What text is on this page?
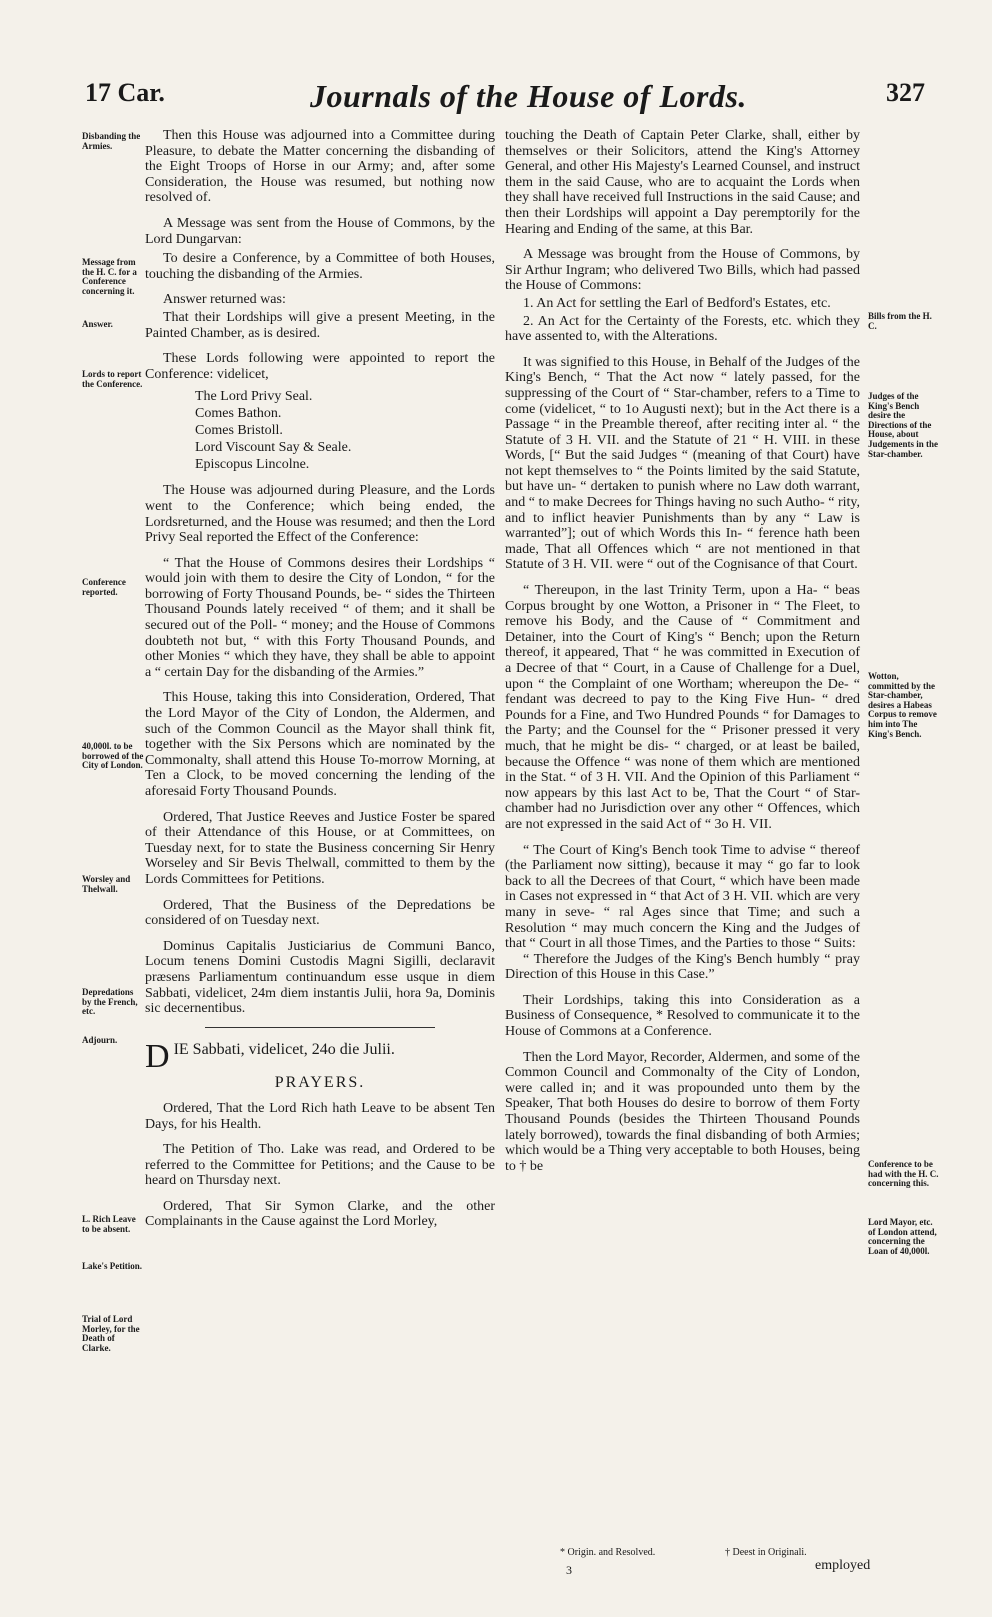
17 Car.	Journals of the House of Lords.	327
Disbanding the Armies.
Message from the H. C. for a Conference concerning it.
Answer.
Lords to report the Conference.
Conference reported.
40,000l. to be borrowed of the City of London.
Worsley and Thelwall.
Depredations by the French, etc.
Adjourn.
L. Rich Leave to be absent.
Lake's Petition.
Trial of Lord Morley, for the Death of Clarke.
Bills from the H. C.
Judges of the King's Bench desire the Directions of the House, about Judgements in the Star-chamber.
Wotton, committed by the Star-chamber, desires a Habeas Corpus to remove him into The King's Bench.
Conference to be had with the H. C. concerning this.
Lord Mayor, etc. of London attend, concerning the Loan of 40,000l.

Then this House was adjourned into a Committee during Pleasure, to debate the Matter concerning the disbanding of the Eight Troops of Horse in our Army; and, after some Consideration, the House was resumed, but nothing now resolved of.

A Message was sent from the House of Commons, by the Lord Dungarvan:

To desire a Conference, by a Committee of both Houses, touching the disbanding of the Armies.

Answer returned was:

That their Lordships will give a present Meeting, in the Painted Chamber, as is desired.

These Lords following were appointed to report the Conference: videlicet,

The Lord Privy Seal.
Comes Bathon.
Comes Bristoll.
Lord Viscount Say & Seale.
Episcopus Lincolne.

The House was adjourned during Pleasure, and the Lords went to the Conference; which being ended, the Lordsreturned, and the House was resumed; and then the Lord Privy Seal reported the Effect of the Conference:

“ That the House of Commons desires their Lordships “ would join with them to desire the City of London, “ for the borrowing of Forty Thousand Pounds, be- “ sides the Thirteen Thousand Pounds lately received “ of them; and it shall be secured out of the Poll- “ money; and the House of Commons doubteth not but, “ with this Forty Thousand Pounds, and other Monies “ which they have, they shall be able to appoint a “ certain Day for the disbanding of the Armies.”

This House, taking this into Consideration, Ordered, That the Lord Mayor of the City of London, the Aldermen, and such of the Common Council as the Mayor shall think fit, together with the Six Persons which are nominated by the Commonalty, shall attend this House To-morrow Morning, at Ten a Clock, to be moved concerning the lending of the aforesaid Forty Thousand Pounds.

Ordered, That Justice Reeves and Justice Foster be spared of their Attendance of this House, or at Committees, on Tuesday next, for to state the Business concerning Sir Henry Worseley and Sir Bevis Thelwall, committed to them by the Lords Committees for Petitions.

Ordered, That the Business of the Depredations be considered of on Tuesday next.

Dominus Capitalis Justiciarius de Communi Banco, Locum tenens Domini Custodis Magni Sigilli, declaravit præsens Parliamentum continuandum esse usque in diem Sabbati, videlicet, 24m diem instantis Julii, hora 9a, Dominis sic decernentibus.

DIE Sabbati, videlicet, 24o die Julii.
PRAYERS.

Ordered, That the Lord Rich hath Leave to be absent Ten Days, for his Health.

The Petition of Tho. Lake was read, and Ordered to be referred to the Committee for Petitions; and the Cause to be heard on Thursday next.

Ordered, That Sir Symon Clarke, and the other Complainants in the Cause against the Lord Morley,

touching the Death of Captain Peter Clarke, shall, either by themselves or their Solicitors, attend the King's Attorney General, and other His Majesty's Learned Counsel, and instruct them in the said Cause, who are to acquaint the Lords when they shall have received full Instructions in the said Cause; and then their Lordships will appoint a Day peremptorily for the Hearing and Ending of the same, at this Bar.

A Message was brought from the House of Commons, by Sir Arthur Ingram; who delivered Two Bills, which had passed the House of Commons:

1. An Act for settling the Earl of Bedford's Estates, etc.

2. An Act for the Certainty of the Forests, etc. which they have assented to, with the Alterations.

It was signified to this House, in Behalf of the Judges of the King's Bench, “ That the Act now “ lately passed, for the suppressing of the Court of “ Star-chamber, refers to a Time to come (videlicet, “ to 1o Augusti next); but in the Act there is a Passage “ in the Preamble thereof, after reciting inter al. “ the Statute of 3 H. VII. and the Statute of 21 “ H. VIII. in these Words, [“ But the said Judges “ (meaning of that Court) have not kept themselves to “ the Points limited by the said Statute, but have un- “ dertaken to punish where no Law doth warrant, and “ to make Decrees for Things having no such Autho- “ rity, and to inflict heavier Punishments than by any “ Law is warranted”]; out of which Words this In- “ ference hath been made, That all Offences which “ are not mentioned in that Statute of 3 H. VII. were “ out of the Cognisance of that Court.

“ Thereupon, in the last Trinity Term, upon a Ha- “ beas Corpus brought by one Wotton, a Prisoner in “ The Fleet, to remove his Body, and the Cause of “ Commitment and Detainer, into the Court of King's “ Bench; upon the Return thereof, it appeared, That “ he was committed in Execution of a Decree of that “ Court, in a Cause of Challenge for a Duel, upon “ the Complaint of one Wortham; whereupon the De- “ fendant was decreed to pay to the King Five Hun- “ dred Pounds for a Fine, and Two Hundred Pounds “ for Damages to the Party; and the Counsel for the “ Prisoner pressed it very much, that he might be dis- “ charged, or at least be bailed, because the Offence “ was none of them which are mentioned in the Stat. “ of 3 H. VII. And the Opinion of this Parliament “ now appears by this last Act to be, That the Court “ of Star-chamber had no Jurisdiction over any other “ Offences, which are not expressed in the said Act of “ 3o H. VII.

“ The Court of King's Bench took Time to advise “ thereof (the Parliament now sitting), because it may “ go far to look back to all the Decrees of that Court, “ which have been made in Cases not expressed in “ that Act of 3 H. VII. which are very many in seve- “ ral Ages since that Time; and such a Resolution “ may much concern the King and the Judges of that “ Court in all those Times, and the Parties to those “ Suits:

“ Therefore the Judges of the King's Bench humbly “ pray Direction of this House in this Case.”

Their Lordships, taking this into Consideration as a Business of Consequence, * Resolved to communicate it to the House of Commons at a Conference.

Then the Lord Mayor, Recorder, Aldermen, and some of the Common Council and Commonalty of the City of London, were called in; and it was propounded unto them by the Speaker, That both Houses do desire to borrow of them Forty Thousand Pounds (besides the Thirteen Thousand Pounds lately borrowed), towards the final disbanding of both Armies; which would be a Thing very acceptable to both Houses, being to † be

* Origin. and Resolved.	† Deest in Originali.
3	employed
